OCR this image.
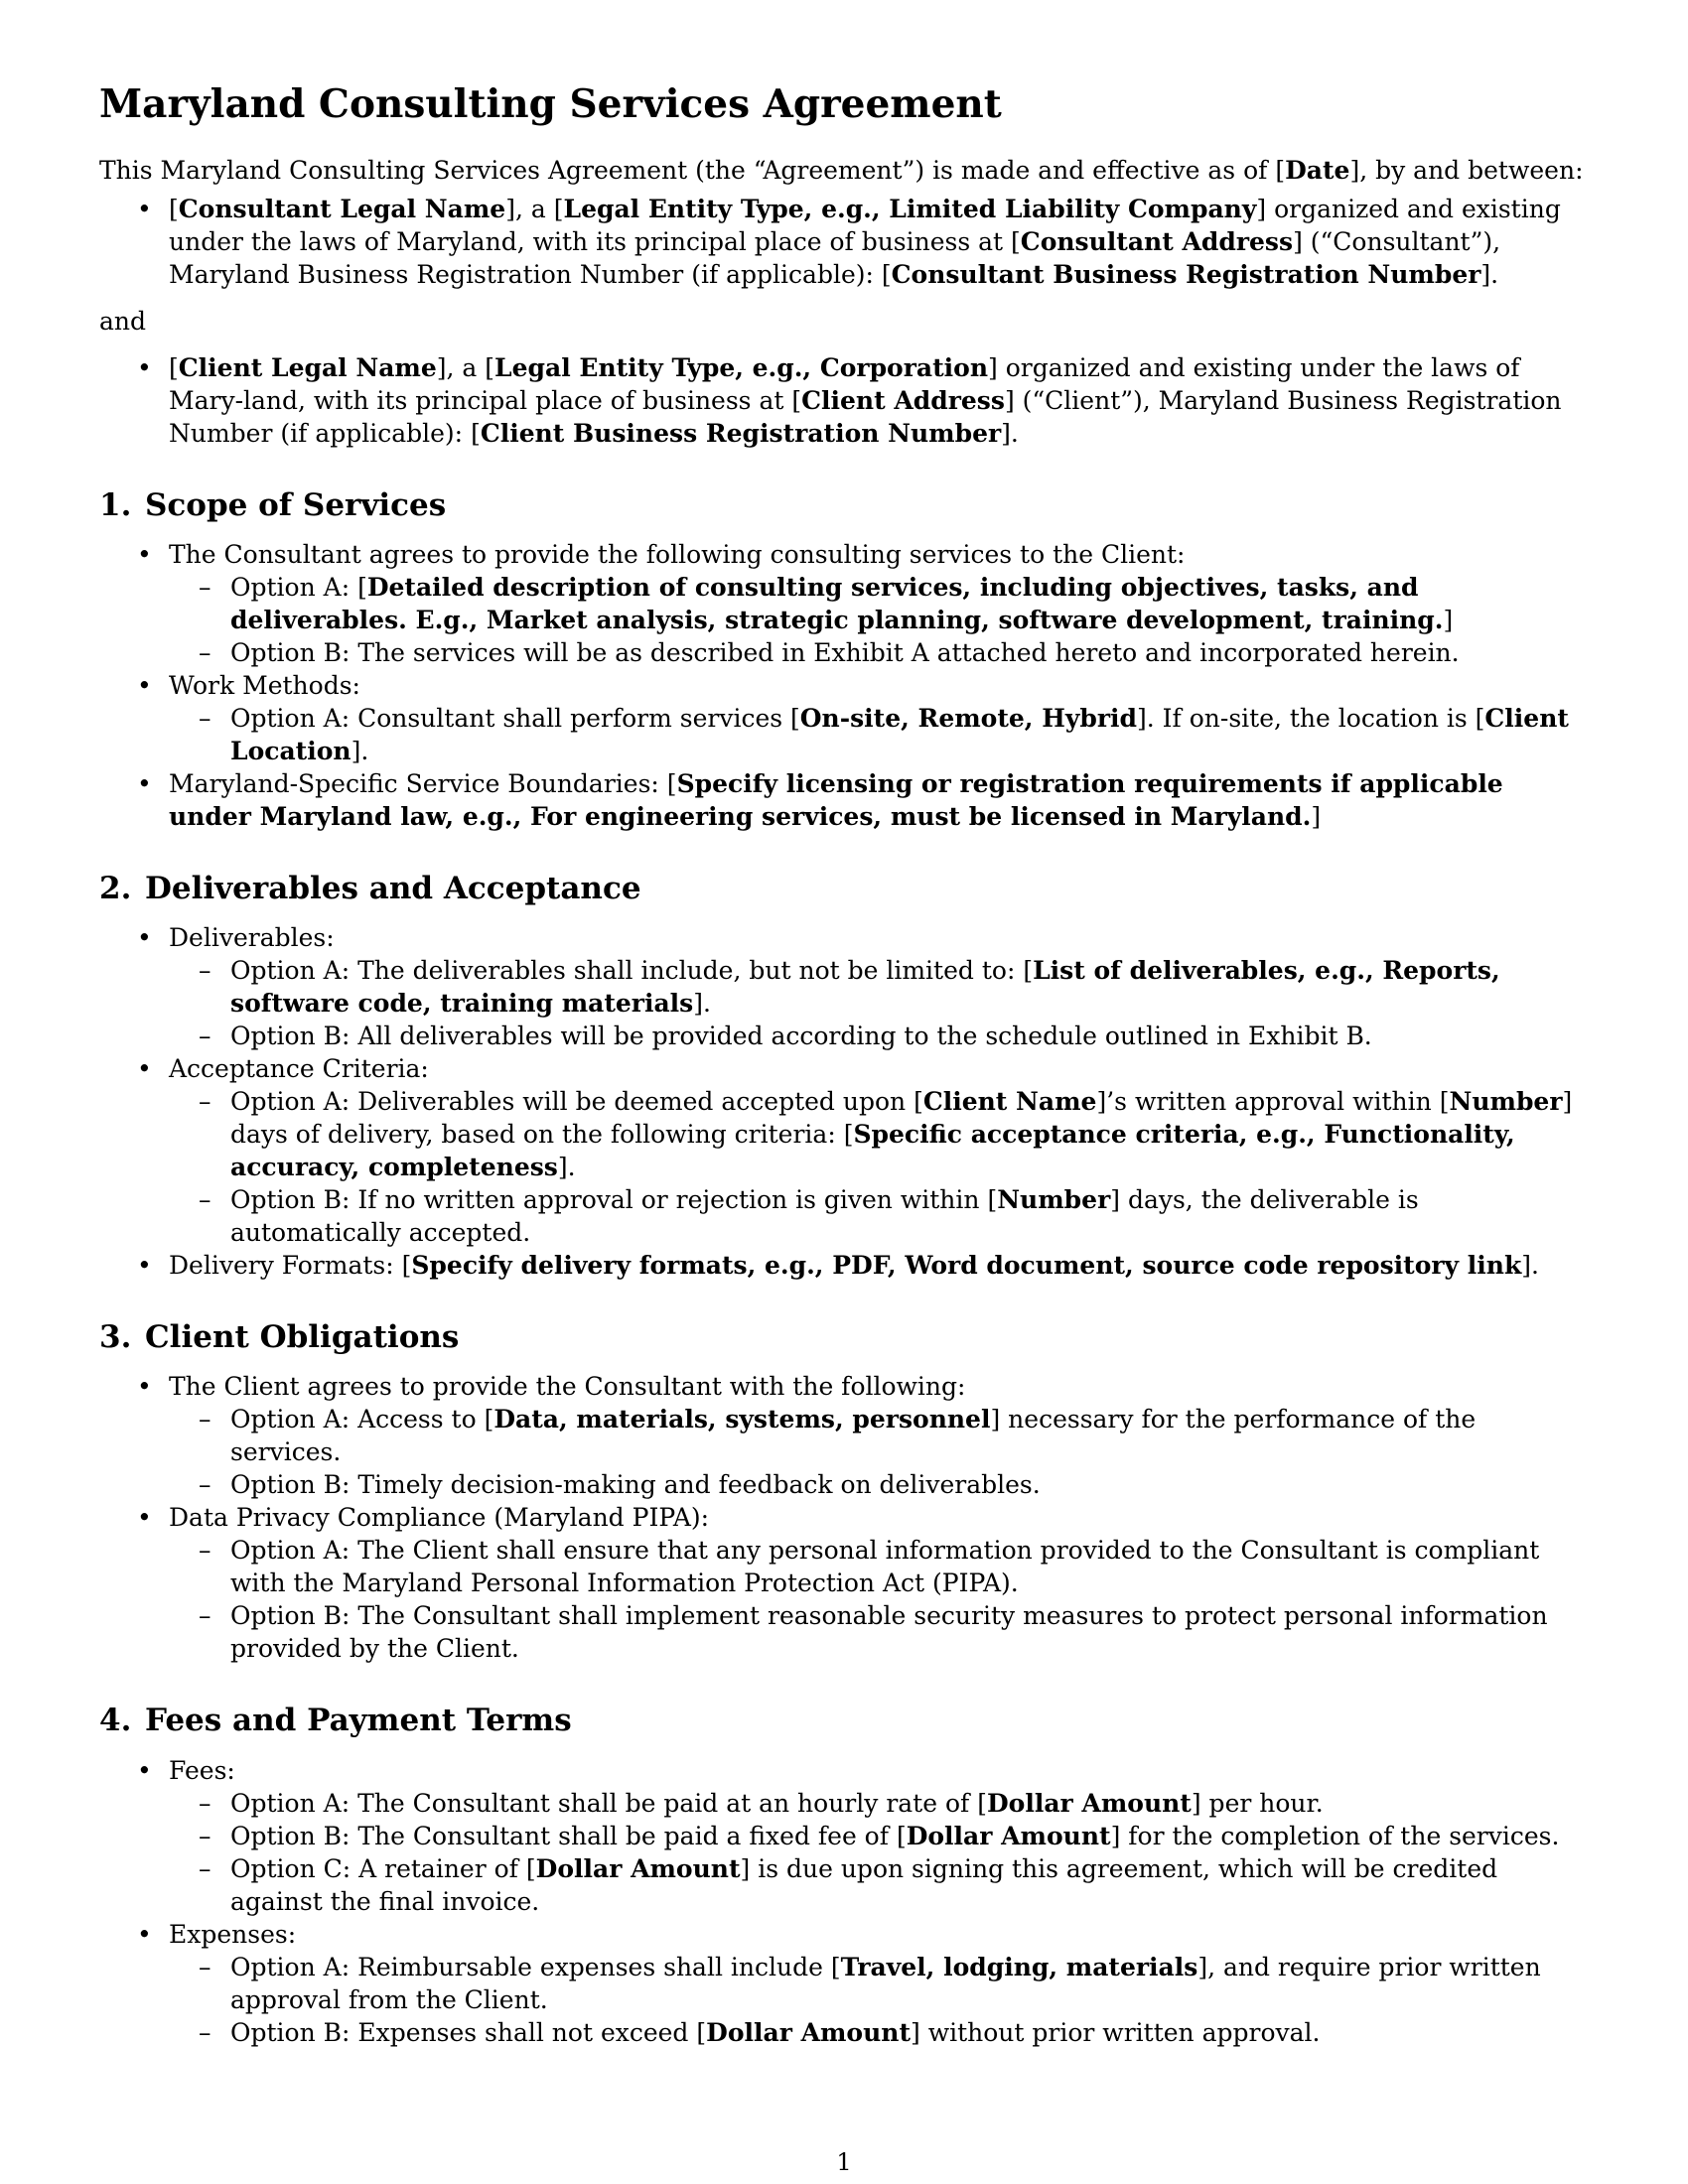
Maryland Consulting Services Agreement

This Maryland Consulting Services Agreement (the “Agreement”) is made and effective as of [Date], by and between:

• [Consultant Legal Name], a [Legal Entity Type, e.g., Limited Liability Company] organized and existing under the laws of Maryland, with its principal place of business at [Consultant Address] (“Consultant”), Maryland Business Registration Number (if applicable): [Consultant Business Registration Number].

and

• [Client Legal Name], a [Legal Entity Type, e.g., Corporation] organized and existing under the laws of Mary-land, with its principal place of business at [Client Address] (“Client”), Maryland Business Registration Number (if applicable): [Client Business Registration Number].
1. Scope of Services
• The Consultant agrees to provide the following consulting services to the Client:
– Option A: [Detailed description of consulting services, including objectives, tasks, and deliverables. E.g., Market analysis, strategic planning, software development, training.]
– Option B: The services will be as described in Exhibit A attached hereto and incorporated herein.
• Work Methods:
– Option A: Consultant shall perform services [On-site, Remote, Hybrid]. If on-site, the location is [Client Location].
• Maryland-Specific Service Boundaries: [Specify licensing or registration requirements if applicable under Maryland law, e.g., For engineering services, must be licensed in Maryland.]
2. Deliverables and Acceptance
• Deliverables:
– Option A: The deliverables shall include, but not be limited to: [List of deliverables, e.g., Reports, software code, training materials].
– Option B: All deliverables will be provided according to the schedule outlined in Exhibit B.
• Acceptance Criteria:
– Option A: Deliverables will be deemed accepted upon [Client Name]’s written approval within [Number] days of delivery, based on the following criteria: [Specific acceptance criteria, e.g., Functionality, accuracy, completeness].
– Option B: If no written approval or rejection is given within [Number] days, the deliverable is automatically accepted.
• Delivery Formats: [Specify delivery formats, e.g., PDF, Word document, source code repository link].
3. Client Obligations
• The Client agrees to provide the Consultant with the following:
– Option A: Access to [Data, materials, systems, personnel] necessary for the performance of the services.
– Option B: Timely decision-making and feedback on deliverables.
• Data Privacy Compliance (Maryland PIPA):
– Option A: The Client shall ensure that any personal information provided to the Consultant is compliant with the Maryland Personal Information Protection Act (PIPA).
– Option B: The Consultant shall implement reasonable security measures to protect personal information provided by the Client.
4. Fees and Payment Terms
• Fees:
– Option A: The Consultant shall be paid at an hourly rate of [Dollar Amount] per hour.
– Option B: The Consultant shall be paid a fixed fee of [Dollar Amount] for the completion of the services.
– Option C: A retainer of [Dollar Amount] is due upon signing this agreement, which will be credited against the final invoice.
• Expenses:
– Option A: Reimbursable expenses shall include [Travel, lodging, materials], and require prior written approval from the Client.
– Option B: Expenses shall not exceed [Dollar Amount] without prior written approval.
1
